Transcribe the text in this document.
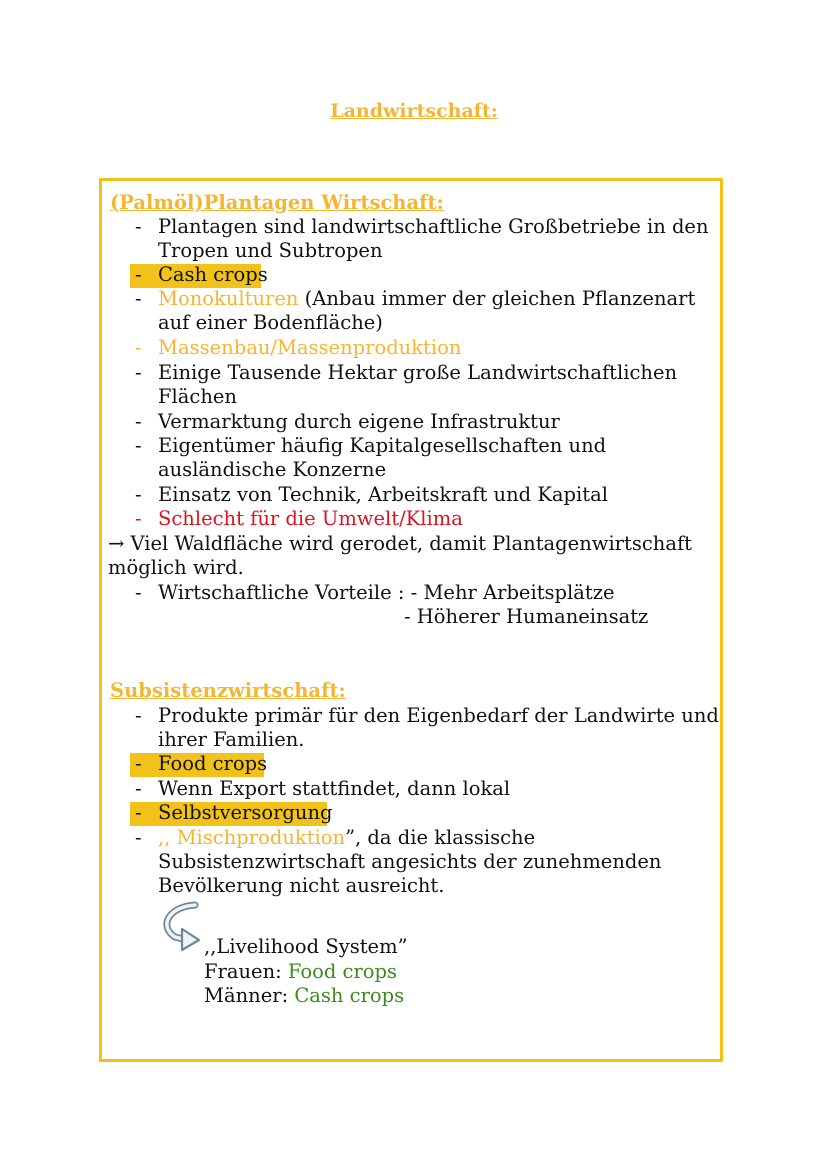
Landwirtschaft:
(Palmöl)Plantagen Wirtschaft:
- Plantagen sind landwirtschaftliche Großbetriebe in den
Tropen und Subtropen
- Cash crops
- Monokulturen (Anbau immer der gleichen Pflanzenart
auf einer Bodenfläche)
- Massenbau/Massenproduktion
- Einige Tausende Hektar große Landwirtschaftlichen
Flächen
- Vermarktung durch eigene Infrastruktur
- Eigentümer häufig Kapitalgesellschaften und
ausländische Konzerne
- Einsatz von Technik, Arbeitskraft und Kapital
- Schlecht für die Umwelt/Klima
→ Viel Waldfläche wird gerodet, damit Plantagenwirtschaft
möglich wird.
- Wirtschaftliche Vorteile : - Mehr Arbeitsplätze
- Höherer Humaneinsatz
Subsistenzwirtschaft:
- Produkte primär für den Eigenbedarf der Landwirte und
ihrer Familien.
- Food crops
- Wenn Export stattfindet, dann lokal
- Selbstversorgung
- ,, Mischproduktion”, da die klassische
Subsistenzwirtschaft angesichts der zunehmenden
Bevölkerung nicht ausreicht.
,,Livelihood System”
Frauen: Food crops
Männer: Cash crops
